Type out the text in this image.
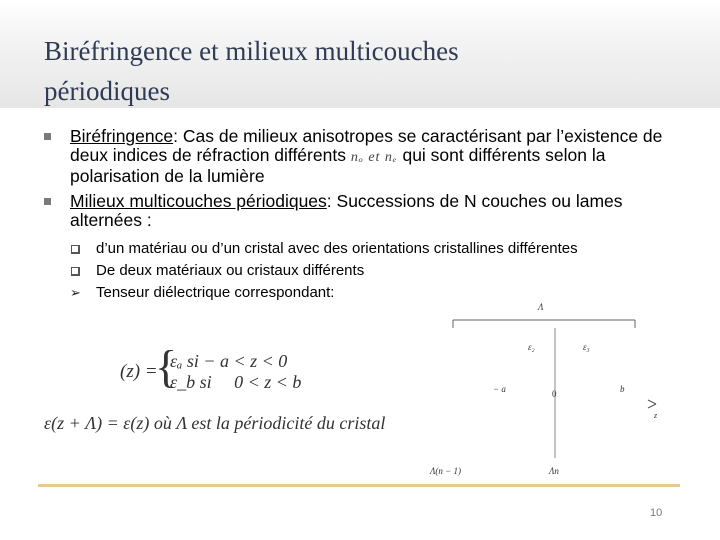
Biréfringence et milieux multicouches
périodiques
Biréfringence: Cas de milieux anisotropes se caractérisant par l’existence de deux indices de réfraction différents nₒ et nₑ qui sont différents selon la polarisation de la lumière
Milieux multicouches périodiques: Successions de N couches ou lames alternées :
d’un matériau ou d’un cristal avec des orientations cristallines différentes
De deux matériaux ou cristaux différents
➢ Tenseur diélectrique correspondant:
(z) =
{
εₐ si − a < z < 0
ε_b si     0 < z < b
ε(z + Λ) = ε(z) où Λ est la périodicité du cristal
Λ
ε₂	ε₃
− a	0	b
z
Λ(n − 1)	Λn
10
